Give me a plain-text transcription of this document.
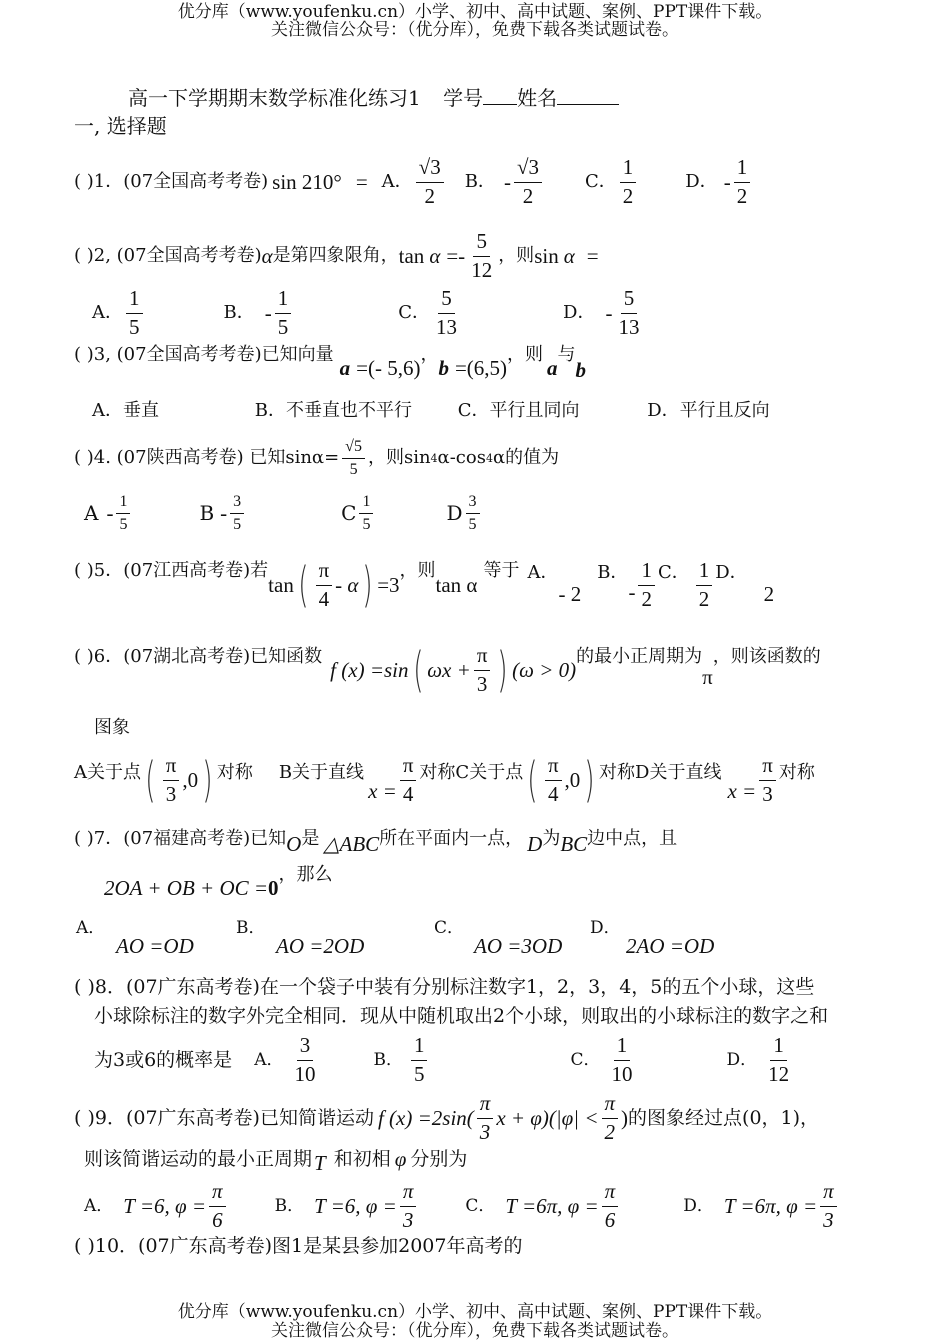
优分库（www.youfenku.cn）小学、初中、高中试题、案例、PPT课件下载。
关注微信公众号：（优分库），免费下载各类试题试卷。
高一下学期期末数学标准化练习1 学号 姓名
一, 选择题
( )1．(07全国高考考卷) sin 210° = A． $\frac{√3}{2}$ B． - $\frac{√3}{2}$ C． $\frac{1}{2}$	D． - $\frac{1}{2}$
( )2, (07全国高考考卷) α 是第四象限角， $\tan \alpha =- \frac{5}{12}$ ，则 sin α =
A． $\frac{1}{5}$	B． - $\frac{1}{5}$	C． $\frac{5}{13}$	D． - $\frac{5}{13}$
( )3, (07全国高考考卷)已知向量
a =(- 5,6)
，
b =(6,5)
，则
a
与
b
A．垂直	B．不垂直也不平行	C．平行且同向	D．平行且反向
( )4. (07陕西高考卷) 已知$\sin\alpha= \frac{√5}{5}$ ，则sin 4 α-cos 4 α的值为
A - $\frac{1}{5}$	B - $\frac{3}{5}$	C $\frac{1}{5}$	D $\frac{3}{5}$
( )5．(07江西高考卷)若
tan ( $\frac{\pi}{4}$ - α ) =3
，则
tan α
等于 A．
- 2
B．
- $\frac{1}{2}$ C． $\frac{1}{2}$ D．
2
( )6．(07湖北高考卷)已知函数
f (x) =sin ( $\omega x + \frac{\pi}{3}$ ) (ω > 0)
的最小正周期为
π
，则该函数的
图象
A关于点 ( $\frac{\pi}{3} ,0$ ) 对称 B关于直线
$x = \frac{\pi}{4}$ 对称 C关于点 ( $\frac{\pi}{4} ,0$ ) 对称 D关于直线
$x = \frac{\pi}{3}$ 对称
( )7．(07福建高考卷)已知 O 是 △ABC 所在平面内一点， D 为 BC 边中点，且
2OA + OB + OC = 0
，那么
A．
AO =OD
B．
AO =2OD
C．
AO =3OD
D．
2AO =OD
( )8．(07广东高考卷)在一个袋子中装有分别标注数字1，2，3，4，5的五个小球，这些
小球除标注的数字外完全相同．现从中随机取出2个小球，则取出的小球标注的数字之和
为3或6的概率是 A． $\frac{3}{10}$	B． $\frac{1}{5}$	C． $\frac{1}{10}$	D． $\frac{1}{12}$
( )9．(07广东高考卷)已知简谐运动 f $(x) =2\sin( \frac{\pi}{3}$ $x + \varphi)(|\varphi| < \frac{\pi}{2}$ ) 的图象经过点(0，1)，
则该简谐运动的最小正周期 T 和初相 φ 分别为
A． T =6, $\varphi = \frac{\pi}{6}$	B． T =6, $\varphi = \frac{\pi}{3}$	C． T =6π, $\varphi = \frac{\pi}{6}$	D． T =6π, $\varphi = \frac{\pi}{3}$
( )10．(07广东高考卷)图1是某县参加2007年高考的
优分库（www.youfenku.cn）小学、初中、高中试题、案例、PPT课件下载。
关注微信公众号：（优分库），免费下载各类试题试卷。
